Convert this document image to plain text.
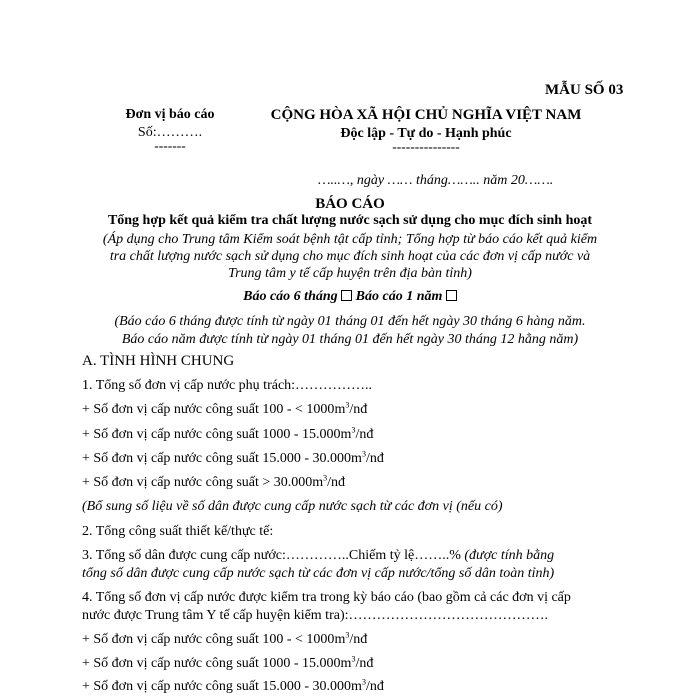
MẪU SỐ 03
Đơn vị báo cáo
Số:……….
-------
CỘNG HÒA XÃ HỘI CHỦ NGHĨA VIỆT NAM
Độc lập - Tự do - Hạnh phúc
---------------
…..…, ngày …… tháng…….. năm 20…….
BÁO CÁO
Tổng hợp kết quả kiểm tra chất lượng nước sạch sử dụng cho mục đích sinh hoạt
(Áp dụng cho Trung tâm Kiểm soát bệnh tật cấp tỉnh; Tổng hợp từ báo cáo kết quả kiểm
tra chất lượng nước sạch sử dụng cho mục đích sinh hoạt của các đơn vị cấp nước và
Trung tâm y tế cấp huyện trên địa bàn tỉnh)
Báo cáo 6 tháng Báo cáo 1 năm
(Báo cáo 6 tháng được tính từ ngày 01 tháng 01 đến hết ngày 30 tháng 6 hàng năm.
Báo cáo năm được tính từ ngày 01 tháng 01 đến hết ngày 30 tháng 12 hằng năm)
A. TÌNH HÌNH CHUNG
1. Tổng số đơn vị cấp nước phụ trách:……………..
+ Số đơn vị cấp nước công suất 100 - < $1000m^3/nđ$
+ Số đơn vị cấp nước công suất $1000 - 15.000m^3/nđ$
+ Số đơn vị cấp nước công suất $15.000 - 30.000m^3/nđ$
+ Số đơn vị cấp nước công suất > $30.000m^3/nđ$
(Bổ sung số liệu về số dân được cung cấp nước sạch từ các đơn vị (nếu có)
2. Tổng công suất thiết kế/thực tế:
3. Tổng số dân được cung cấp nước:…………..Chiếm tỷ lệ……..% (được tính bằng
tổng số dân được cung cấp nước sạch từ các đơn vị cấp nước/tổng số dân toàn tỉnh)
4. Tổng số đơn vị cấp nước được kiểm tra trong kỳ báo cáo (bao gồm cả các đơn vị cấp
nước được Trung tâm Y tế cấp huyện kiểm tra):…………………………………….
+ Số đơn vị cấp nước công suất 100 - < $1000m^3/nđ$
+ Số đơn vị cấp nước công suất $1000 - 15.000m^3/nđ$
+ Số đơn vị cấp nước công suất $15.000 - 30.000m^3/nđ$
